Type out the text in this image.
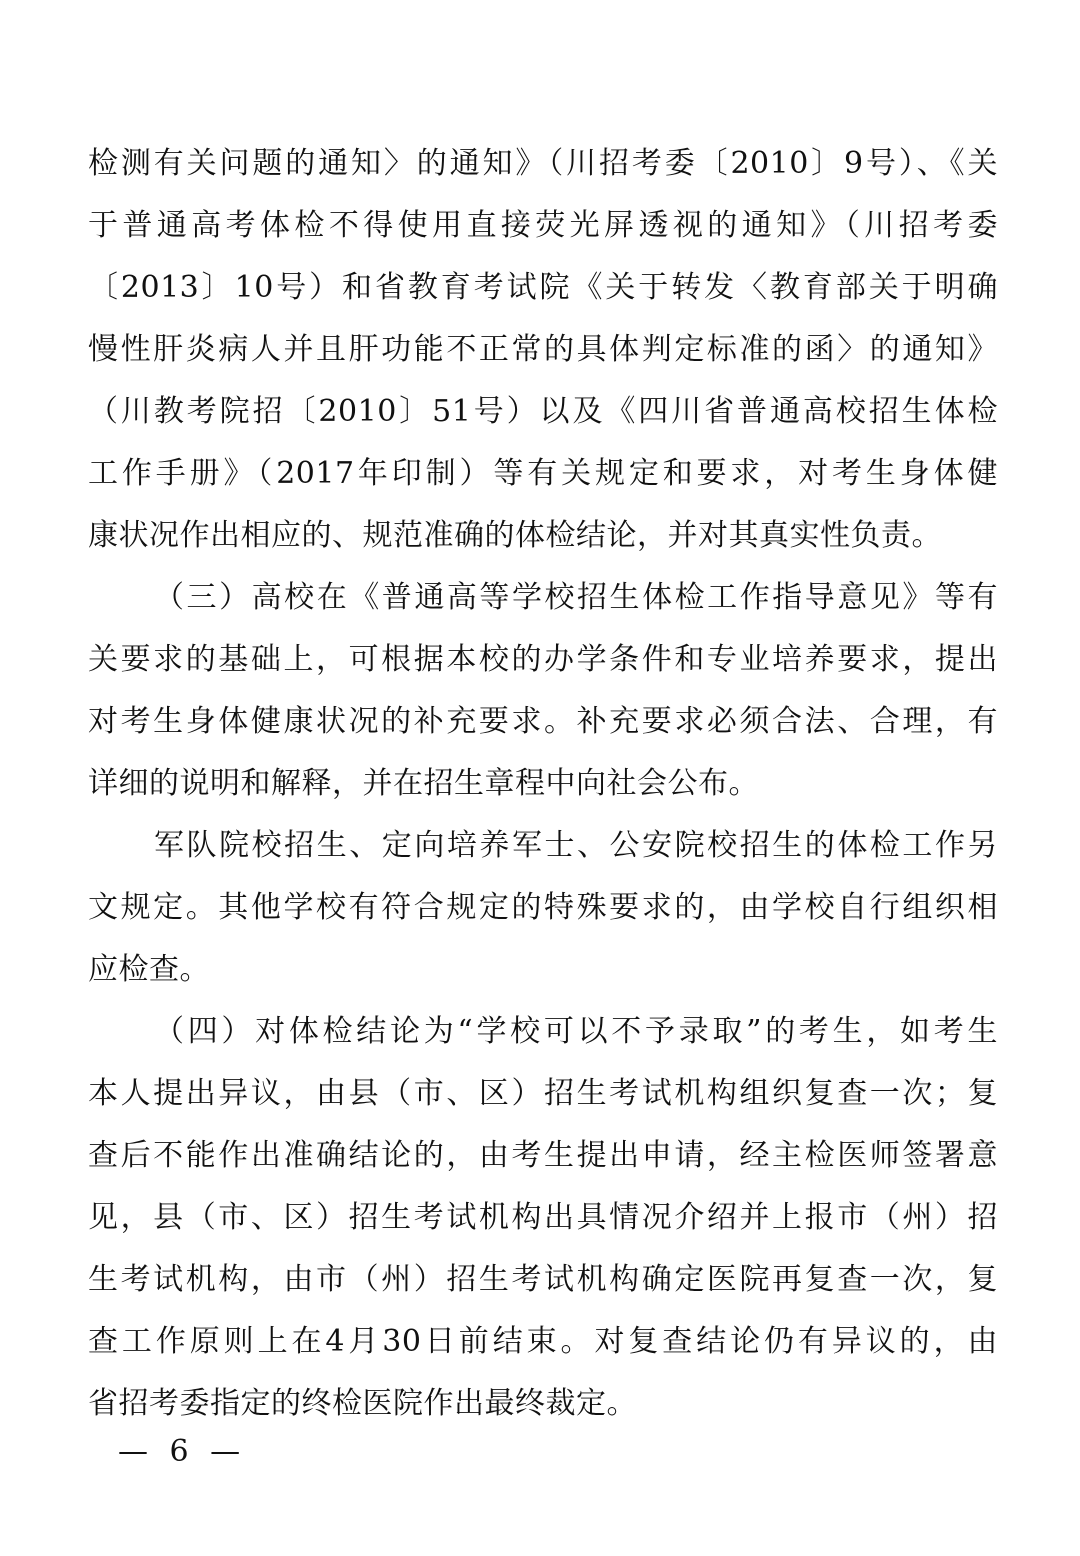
检测有关问题的通知〉的通知》（川招考委〔2010〕9号）、《关
于普通高考体检不得使用直接荧光屏透视的通知》（川招考委
〔2013〕10号）和省教育考试院《关于转发〈教育部关于明确
慢性肝炎病人并且肝功能不正常的具体判定标准的函〉的通知》
（川教考院招〔2010〕51号）以及《四川省普通高校招生体检
工作手册》（2017年印制）等有关规定和要求，对考生身体健
康状况作出相应的、规范准确的体检结论，并对其真实性负责。
（三）高校在《普通高等学校招生体检工作指导意见》等有
关要求的基础上，可根据本校的办学条件和专业培养要求，提出
对考生身体健康状况的补充要求。补充要求必须合法、合理，有
详细的说明和解释，并在招生章程中向社会公布。
军队院校招生、定向培养军士、公安院校招生的体检工作另
文规定。其他学校有符合规定的特殊要求的，由学校自行组织相
应检查。
（四）对体检结论为“学校可以不予录取”的考生，如考生
本人提出异议，由县（市、区）招生考试机构组织复查一次；复
查后不能作出准确结论的，由考生提出申请，经主检医师签署意
见，县（市、区）招生考试机构出具情况介绍并上报市（州）招
生考试机构，由市（州）招生考试机构确定医院再复查一次，复
查工作原则上在4月30日前结束。对复查结论仍有异议的，由
省招考委指定的终检医院作出最终裁定。
— 6 —
